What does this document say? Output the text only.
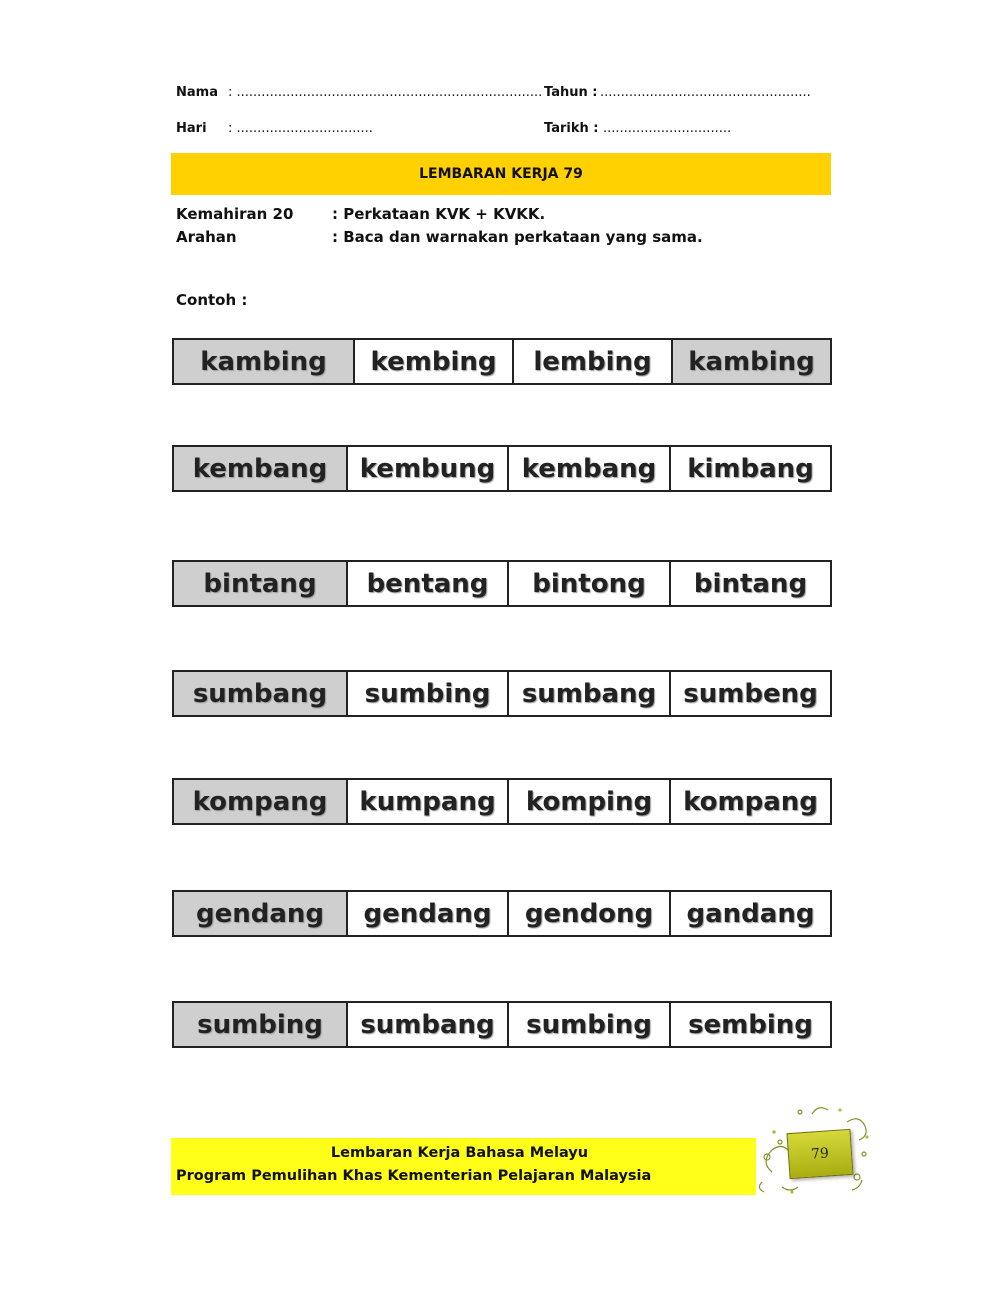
Nama : .......................................................................... Tahun : ...................................................
Hari : .................................	Tarikh : ...............................
LEMBARAN KERJA 79
Kemahiran 20	: Perkataan KVK + KVKK.
Arahan	: Baca dan warnakan perkataan yang sama.
Contoh :
kambing	kembing	lembing	kambing
kembang	kembung	kembang	kimbang
bintang	bentang	bintong	bintang
sumbang	sumbing	sumbang	sumbeng
kompang	kumpang	komping	kompang
gendang	gendang	gendong	gandang
sumbing	sumbang	sumbing	sembing
Lembaran Kerja Bahasa Melayu
Program Pemulihan Khas Kementerian Pelajaran Malaysia
79
